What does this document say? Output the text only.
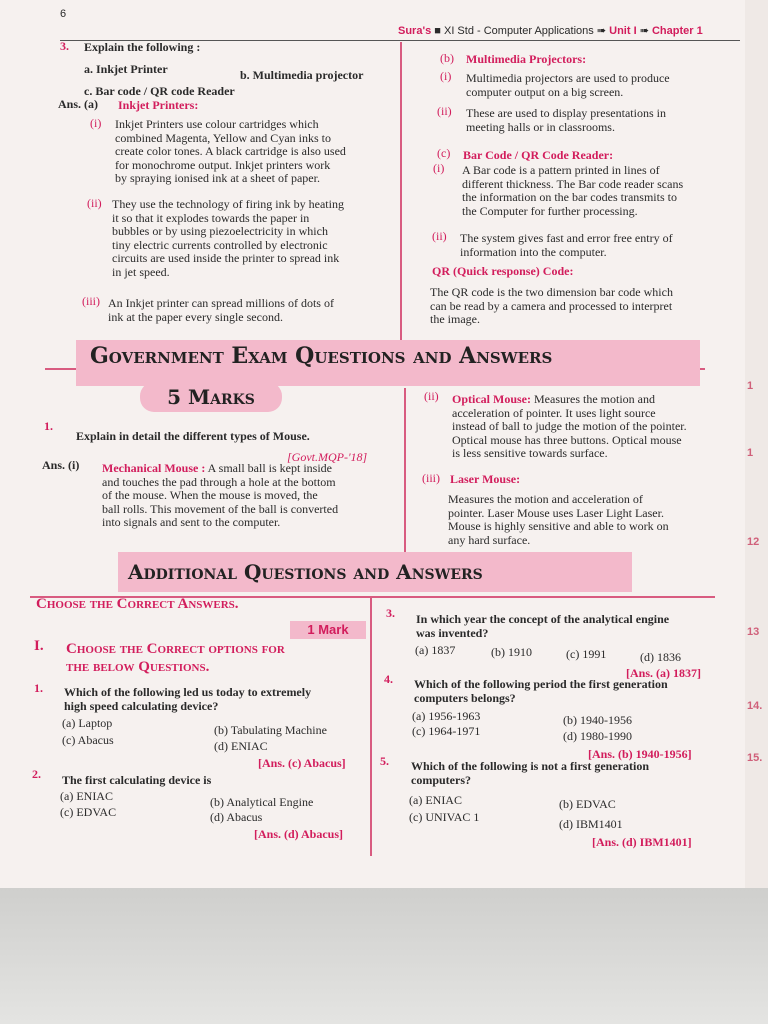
6
Sura's ■ XI Std - Computer Applications ➠ Unit I ➠ Chapter 1
3. Explain the following :
a. Inkjet Printer	b. Multimedia projector
c. Bar code / QR code Reader
Ans. (a) Inkjet Printers:
(i) Inkjet Printers use colour cartridges which
combined Magenta, Yellow and Cyan inks to
create color tones. A black cartridge is also used
for monochrome output. Inkjet printers work
by spraying ionised ink at a sheet of paper.
(ii) They use the technology of firing ink by heating
it so that it explodes towards the paper in
bubbles or by using piezoelectricity in which
tiny electric currents controlled by electronic
circuits are used inside the printer to spread ink
in jet speed.
(iii) An Inkjet printer can spread millions of dots of
ink at the paper every single second.
(b) Multimedia Projectors:
(i) Multimedia projectors are used to produce
computer output on a big screen.
(ii) These are used to display presentations in
meeting halls or in classrooms.
(c) Bar Code / QR Code Reader:
(i) A Bar code is a pattern printed in lines of
different thickness. The Bar code reader scans
the information on the bar codes transmits to
the Computer for further processing.
(ii) The system gives fast and error free entry of
information into the computer.
QR (Quick response) Code:
The QR code is the two dimension bar code which
can be read by a camera and processed to interpret
the image.
Government Exam Questions and Answers
5 Marks
1.
Explain in detail the different types of Mouse.
[Govt.MQP-'18]
Ans. (i) Mechanical Mouse : A small ball is kept inside
and touches the pad through a hole at the bottom
of the mouse. When the mouse is moved, the
ball rolls. This movement of the ball is converted
into signals and sent to the computer.
(ii) Optical Mouse: Measures the motion and
acceleration of pointer. It uses light source
instead of ball to judge the motion of the pointer.
Optical mouse has three buttons. Optical mouse
is less sensitive towards surface.
(iii) Laser Mouse:
Measures the motion and acceleration of
pointer. Laser Mouse uses Laser Light Laser.
Mouse is highly sensitive and able to work on
any hard surface.
Additional Questions and Answers
Choose the Correct Answers.
1 Mark
I. Choose the Correct options for
the below Questions.
1. Which of the following led us today to extremely
high speed calculating device?
(a) Laptop	(b) Tabulating Machine
(c) Abacus	(d) ENIAC
[Ans. (c) Abacus]
2. The first calculating device is
(a) ENIAC	(b) Analytical Engine
(c) EDVAC	(d) Abacus
[Ans. (d) Abacus]
3. In which year the concept of the analytical engine
was invented?
(a) 1837	(b) 1910	(c) 1991	(d) 1836
[Ans. (a) 1837]
4. Which of the following period the first generation
computers belongs?
(a) 1956-1963	(b) 1940-1956
(c) 1964-1971	(d) 1980-1990
[Ans. (b) 1940-1956]
5. Which of the following is not a first generation
computers?
(a) ENIAC	(b) EDVAC
(c) UNIVAC 1	(d) IBM1401
[Ans. (d) IBM1401]
1
1
12
13
14.
15.
